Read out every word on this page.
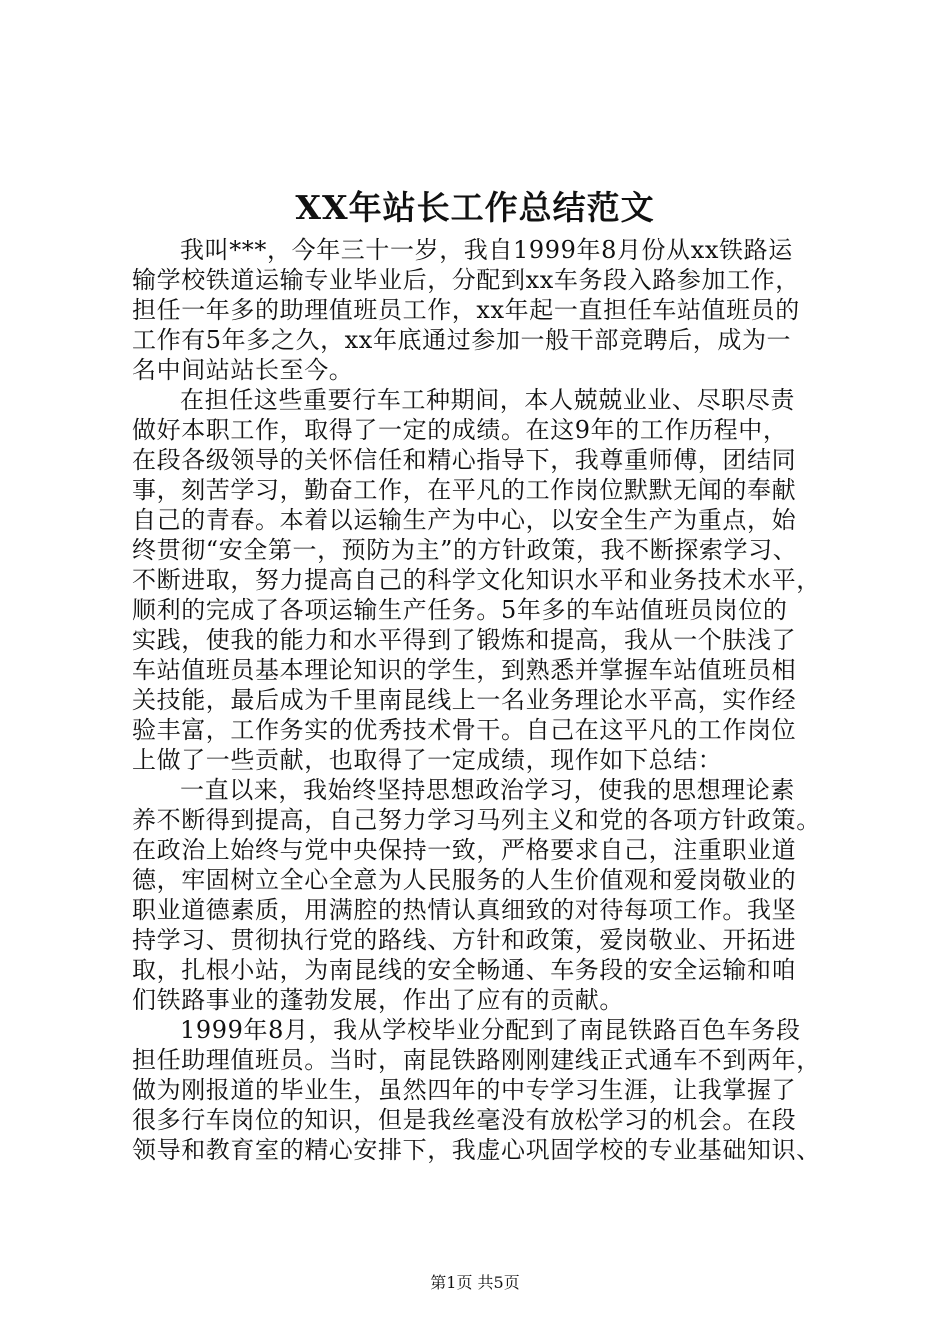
XX年站长工作总结范文

我叫***，今年三十一岁，我自1999年8月份从xx铁路运
输学校铁道运输专业毕业后，分配到xx车务段入路参加工作，
担任一年多的助理值班员工作，xx年起一直担任车站值班员的
工作有5年多之久，xx年底通过参加一般干部竞聘后，成为一
名中间站站长至今。

在担任这些重要行车工种期间，本人兢兢业业、尽职尽责
做好本职工作，取得了一定的成绩。在这9年的工作历程中，
在段各级领导的关怀信任和精心指导下，我尊重师傅，团结同
事，刻苦学习，勤奋工作，在平凡的工作岗位默默无闻的奉献
自己的青春。本着以运输生产为中心，以安全生产为重点，始
终贯彻“安全第一，预防为主”的方针政策，我不断探索学习、
不断进取，努力提高自己的科学文化知识水平和业务技术水平，
顺利的完成了各项运输生产任务。5年多的车站值班员岗位的
实践，使我的能力和水平得到了锻炼和提高，我从一个肤浅了
车站值班员基本理论知识的学生，到熟悉并掌握车站值班员相
关技能，最后成为千里南昆线上一名业务理论水平高，实作经
验丰富，工作务实的优秀技术骨干。自己在这平凡的工作岗位
上做了一些贡献，也取得了一定成绩，现作如下总结：

一直以来，我始终坚持思想政治学习，使我的思想理论素
养不断得到提高，自己努力学习马列主义和党的各项方针政策。
在政治上始终与党中央保持一致，严格要求自己，注重职业道
德，牢固树立全心全意为人民服务的人生价值观和爱岗敬业的
职业道德素质，用满腔的热情认真细致的对待每项工作。我坚
持学习、贯彻执行党的路线、方针和政策，爱岗敬业、开拓进
取，扎根小站，为南昆线的安全畅通、车务段的安全运输和咱
们铁路事业的蓬勃发展，作出了应有的贡献。

1999年8月，我从学校毕业分配到了南昆铁路百色车务段
担任助理值班员。当时，南昆铁路刚刚建线正式通车不到两年，
做为刚报道的毕业生，虽然四年的中专学习生涯，让我掌握了
很多行车岗位的知识，但是我丝毫没有放松学习的机会。在段
领导和教育室的精心安排下，我虚心巩固学校的专业基础知识、

第1页 共5页
